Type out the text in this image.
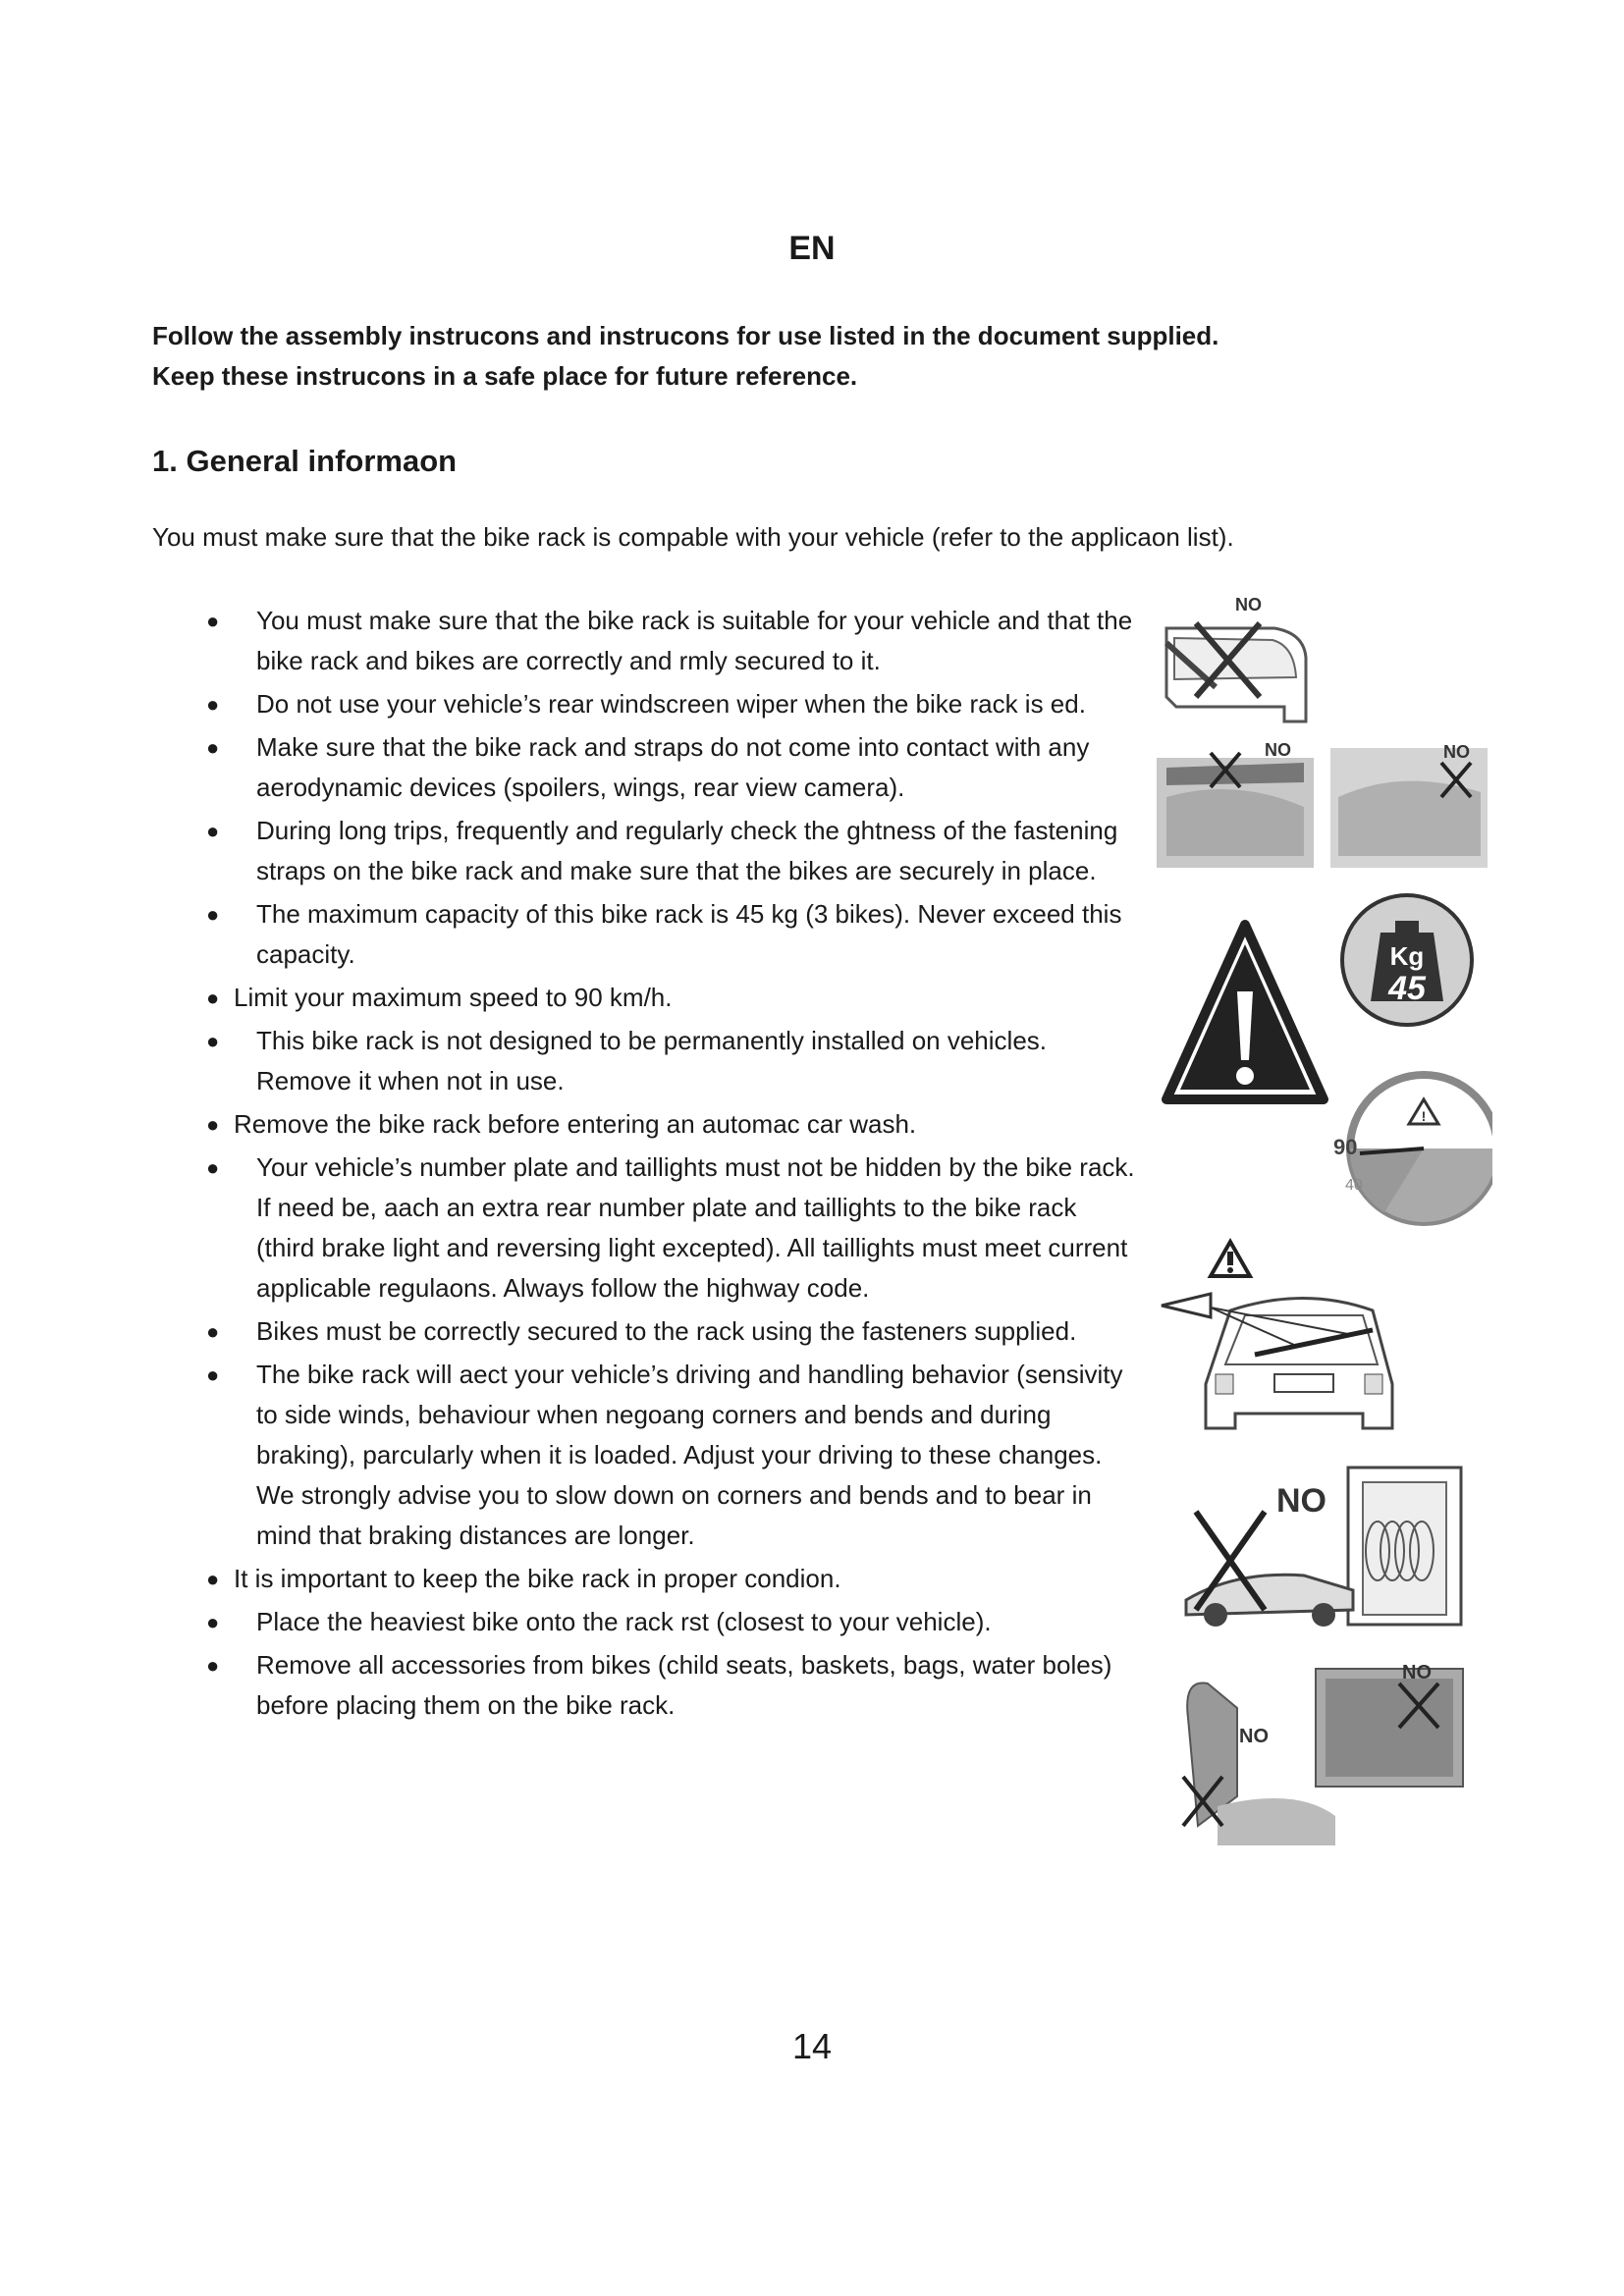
EN
Follow the assembly instrucons and instrucons for use listed in the document supplied.
Keep these instrucons in a safe place for future reference.
1. General informaon
You must make sure that the bike rack is compable with your vehicle (refer to the applicaon list).
● You must make sure that the bike rack is suitable for your vehicle and that the bike rack and bikes are correctly and rmly secured to it.
● Do not use your vehicle’s rear windscreen wiper when the bike rack is ed.
● Make sure that the bike rack and straps do not come into contact with any aerodynamic devices (spoilers, wings, rear view camera).
● During long trips, frequently and regularly check the ghtness of the fastening straps on the bike rack and make sure that the bikes are securely in place.
● The maximum capacity of this bike rack is 45 kg (3 bikes). Never exceed this capacity.
● Limit your maximum speed to 90 km/h.
● This bike rack is not designed to be permanently installed on vehicles. Remove it when not in use.
● Remove the bike rack before entering an automac car wash.
● Your vehicle’s number plate and taillights must not be hidden by the bike rack. If need be, aach an extra rear number plate and taillights to the bike rack (third brake light and reversing light excepted). All taillights must meet current applicable regulaons. Always follow the highway code.
● Bikes must be correctly secured to the rack using the fasteners supplied.
● The bike rack will aect your vehicle’s driving and handling behavior (sensivity to side winds, behaviour when negoang corners and bends and during braking), parcularly when it is loaded. Adjust your driving to these changes. We strongly advise you to slow down on corners and bends and to bear in mind that braking distances are longer.
● It is important to keep the bike rack in proper condion.
● Place the heaviest bike onto the rack rst (closest to your vehicle).
● Remove all accessories from bikes (child seats, baskets, bags, water boles) before placing them on the bike rack.
NO
NO	NO
Kg
45
!
90
40
NO
NO
NO
14
